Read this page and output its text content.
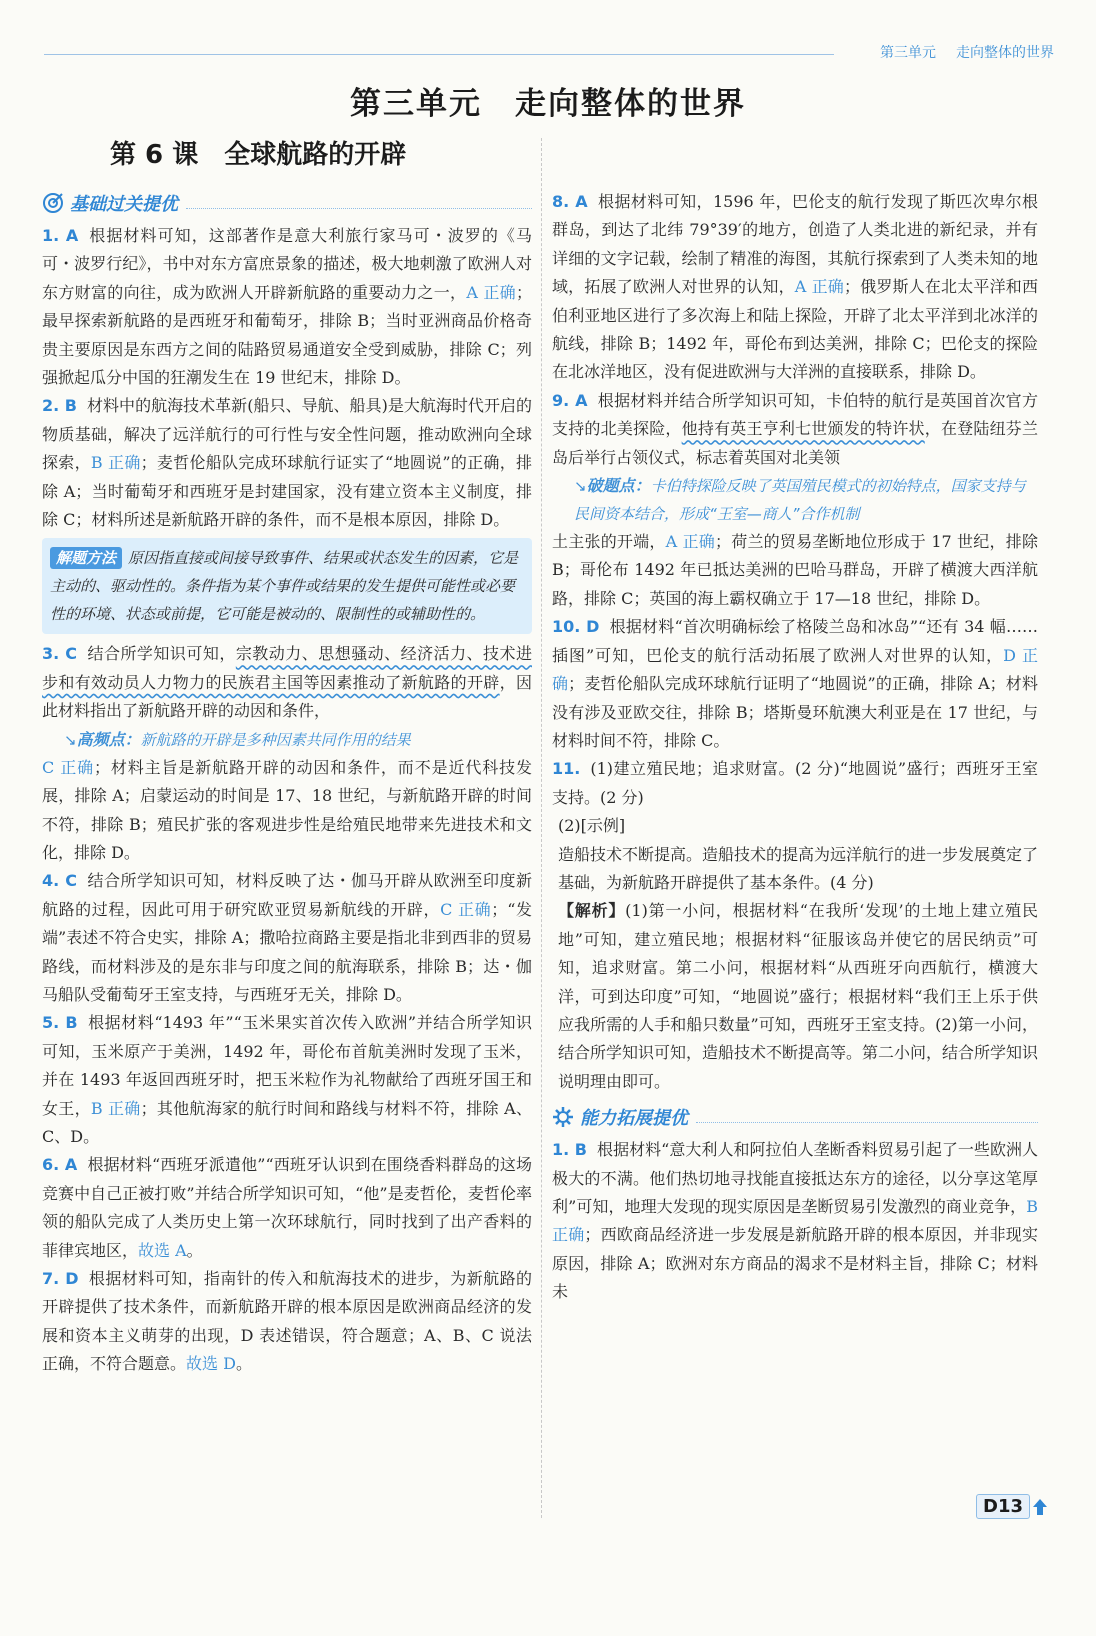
第三单元 走向整体的世界
第三单元　走向整体的世界
第 6 课　全球航路的开辟
基础过关提优

1. A 根据材料可知，这部著作是意大利旅行家马可・波罗的《马可・波罗行纪》，书中对东方富庶景象的描述，极大地刺激了欧洲人对东方财富的向往，成为欧洲人开辟新航路的重要动力之一，A 正确；最早探索新航路的是西班牙和葡萄牙，排除 B；当时亚洲商品价格奇贵主要原因是东西方之间的陆路贸易通道安全受到威胁，排除 C；列强掀起瓜分中国的狂潮发生在 19 世纪末，排除 D。

2. B 材料中的航海技术革新(船只、导航、船具)是大航海时代开启的物质基础，解决了远洋航行的可行性与安全性问题，推动欧洲向全球探索，B 正确；麦哲伦船队完成环球航行证实了“地圆说”的正确，排除 A；当时葡萄牙和西班牙是封建国家，没有建立资本主义制度，排除 C；材料所述是新航路开辟的条件，而不是根本原因，排除 D。

解题方法 原因指直接或间接导致事件、结果或状态发生的因素，它是主动的、驱动性的。条件指为某个事件或结果的发生提供可能性或必要性的环境、状态或前提，它可能是被动的、限制性的或辅助性的。

3. C 结合所学知识可知，宗教动力、思想骚动、经济活力、技术进步和有效动员人力物力的民族君主国等因素推动了新航路的开辟，因此材料指出了新航路开辟的动因和条件，

↘高频点：新航路的开辟是多种因素共同作用的结果

C 正确；材料主旨是新航路开辟的动因和条件，而不是近代科技发展，排除 A；启蒙运动的时间是 17、18 世纪，与新航路开辟的时间不符，排除 B；殖民扩张的客观进步性是给殖民地带来先进技术和文化，排除 D。

4. C 结合所学知识可知，材料反映了达・伽马开辟从欧洲至印度新航路的过程，因此可用于研究欧亚贸易新航线的开辟，C 正确；“发端”表述不符合史实，排除 A；撒哈拉商路主要是指北非到西非的贸易路线，而材料涉及的是东非与印度之间的航海联系，排除 B；达・伽马船队受葡萄牙王室支持，与西班牙无关，排除 D。

5. B 根据材料“1493 年”“玉米果实首次传入欧洲”并结合所学知识可知，玉米原产于美洲，1492 年，哥伦布首航美洲时发现了玉米，并在 1493 年返回西班牙时，把玉米粒作为礼物献给了西班牙国王和女王，B 正确；其他航海家的航行时间和路线与材料不符，排除 A、C、D。

6. A 根据材料“西班牙派遣他”“西班牙认识到在围绕香料群岛的这场竞赛中自己正被打败”并结合所学知识可知，“他”是麦哲伦，麦哲伦率领的船队完成了人类历史上第一次环球航行，同时找到了出产香料的菲律宾地区，故选 A。

7. D 根据材料可知，指南针的传入和航海技术的进步，为新航路的开辟提供了技术条件，而新航路开辟的根本原因是欧洲商品经济的发展和资本主义萌芽的出现，D 表述错误，符合题意；A、B、C 说法正确，不符合题意。故选 D。

8. A 根据材料可知，1596 年，巴伦支的航行发现了斯匹次卑尔根群岛，到达了北纬 79°39′的地方，创造了人类北进的新纪录，并有详细的文字记载，绘制了精准的海图，其航行探索到了人类未知的地域，拓展了欧洲人对世界的认知，A 正确；俄罗斯人在北太平洋和西伯利亚地区进行了多次海上和陆上探险，开辟了北太平洋到北冰洋的航线，排除 B；1492 年，哥伦布到达美洲，排除 C；巴伦支的探险在北冰洋地区，没有促进欧洲与大洋洲的直接联系，排除 D。

9. A 根据材料并结合所学知识可知，卡伯特的航行是英国首次官方支持的北美探险，他持有英王亨利七世颁发的特许状，在登陆纽芬兰岛后举行占领仪式，标志着英国对北美领

↘破题点：卡伯特探险反映了英国殖民模式的初始特点，国家支持与民间资本结合，形成“王室—商人”合作机制

土主张的开端，A 正确；荷兰的贸易垄断地位形成于 17 世纪，排除 B；哥伦布 1492 年已抵达美洲的巴哈马群岛，开辟了横渡大西洋航路，排除 C；英国的海上霸权确立于 17—18 世纪，排除 D。

10. D 根据材料“首次明确标绘了格陵兰岛和冰岛”“还有 34 幅……插图”可知，巴伦支的航行活动拓展了欧洲人对世界的认知，D 正确；麦哲伦船队完成环球航行证明了“地圆说”的正确，排除 A；材料没有涉及亚欧交往，排除 B；塔斯曼环航澳大利亚是在 17 世纪，与材料时间不符，排除 C。

11. (1)建立殖民地；追求财富。(2 分)“地圆说”盛行；西班牙王室支持。(2 分)

(2)[示例]

造船技术不断提高。造船技术的提高为远洋航行的进一步发展奠定了基础，为新航路开辟提供了基本条件。(4 分)

【解析】(1)第一小问，根据材料“在我所‘发现’的土地上建立殖民地”可知，建立殖民地；根据材料“征服该岛并使它的居民纳贡”可知，追求财富。第二小问，根据材料“从西班牙向西航行，横渡大洋，可到达印度”可知，“地圆说”盛行；根据材料“我们王上乐于供应我所需的人手和船只数量”可知，西班牙王室支持。(2)第一小问，结合所学知识可知，造船技术不断提高等。第二小问，结合所学知识说明理由即可。

能力拓展提优

1. B 根据材料“意大利人和阿拉伯人垄断香料贸易引起了一些欧洲人极大的不满。他们热切地寻找能直接抵达东方的途径，以分享这笔厚利”可知，地理大发现的现实原因是垄断贸易引发激烈的商业竞争，B 正确；西欧商品经济进一步发展是新航路开辟的根本原因，并非现实原因，排除 A；欧洲对东方商品的渴求不是材料主旨，排除 C；材料未

D13
